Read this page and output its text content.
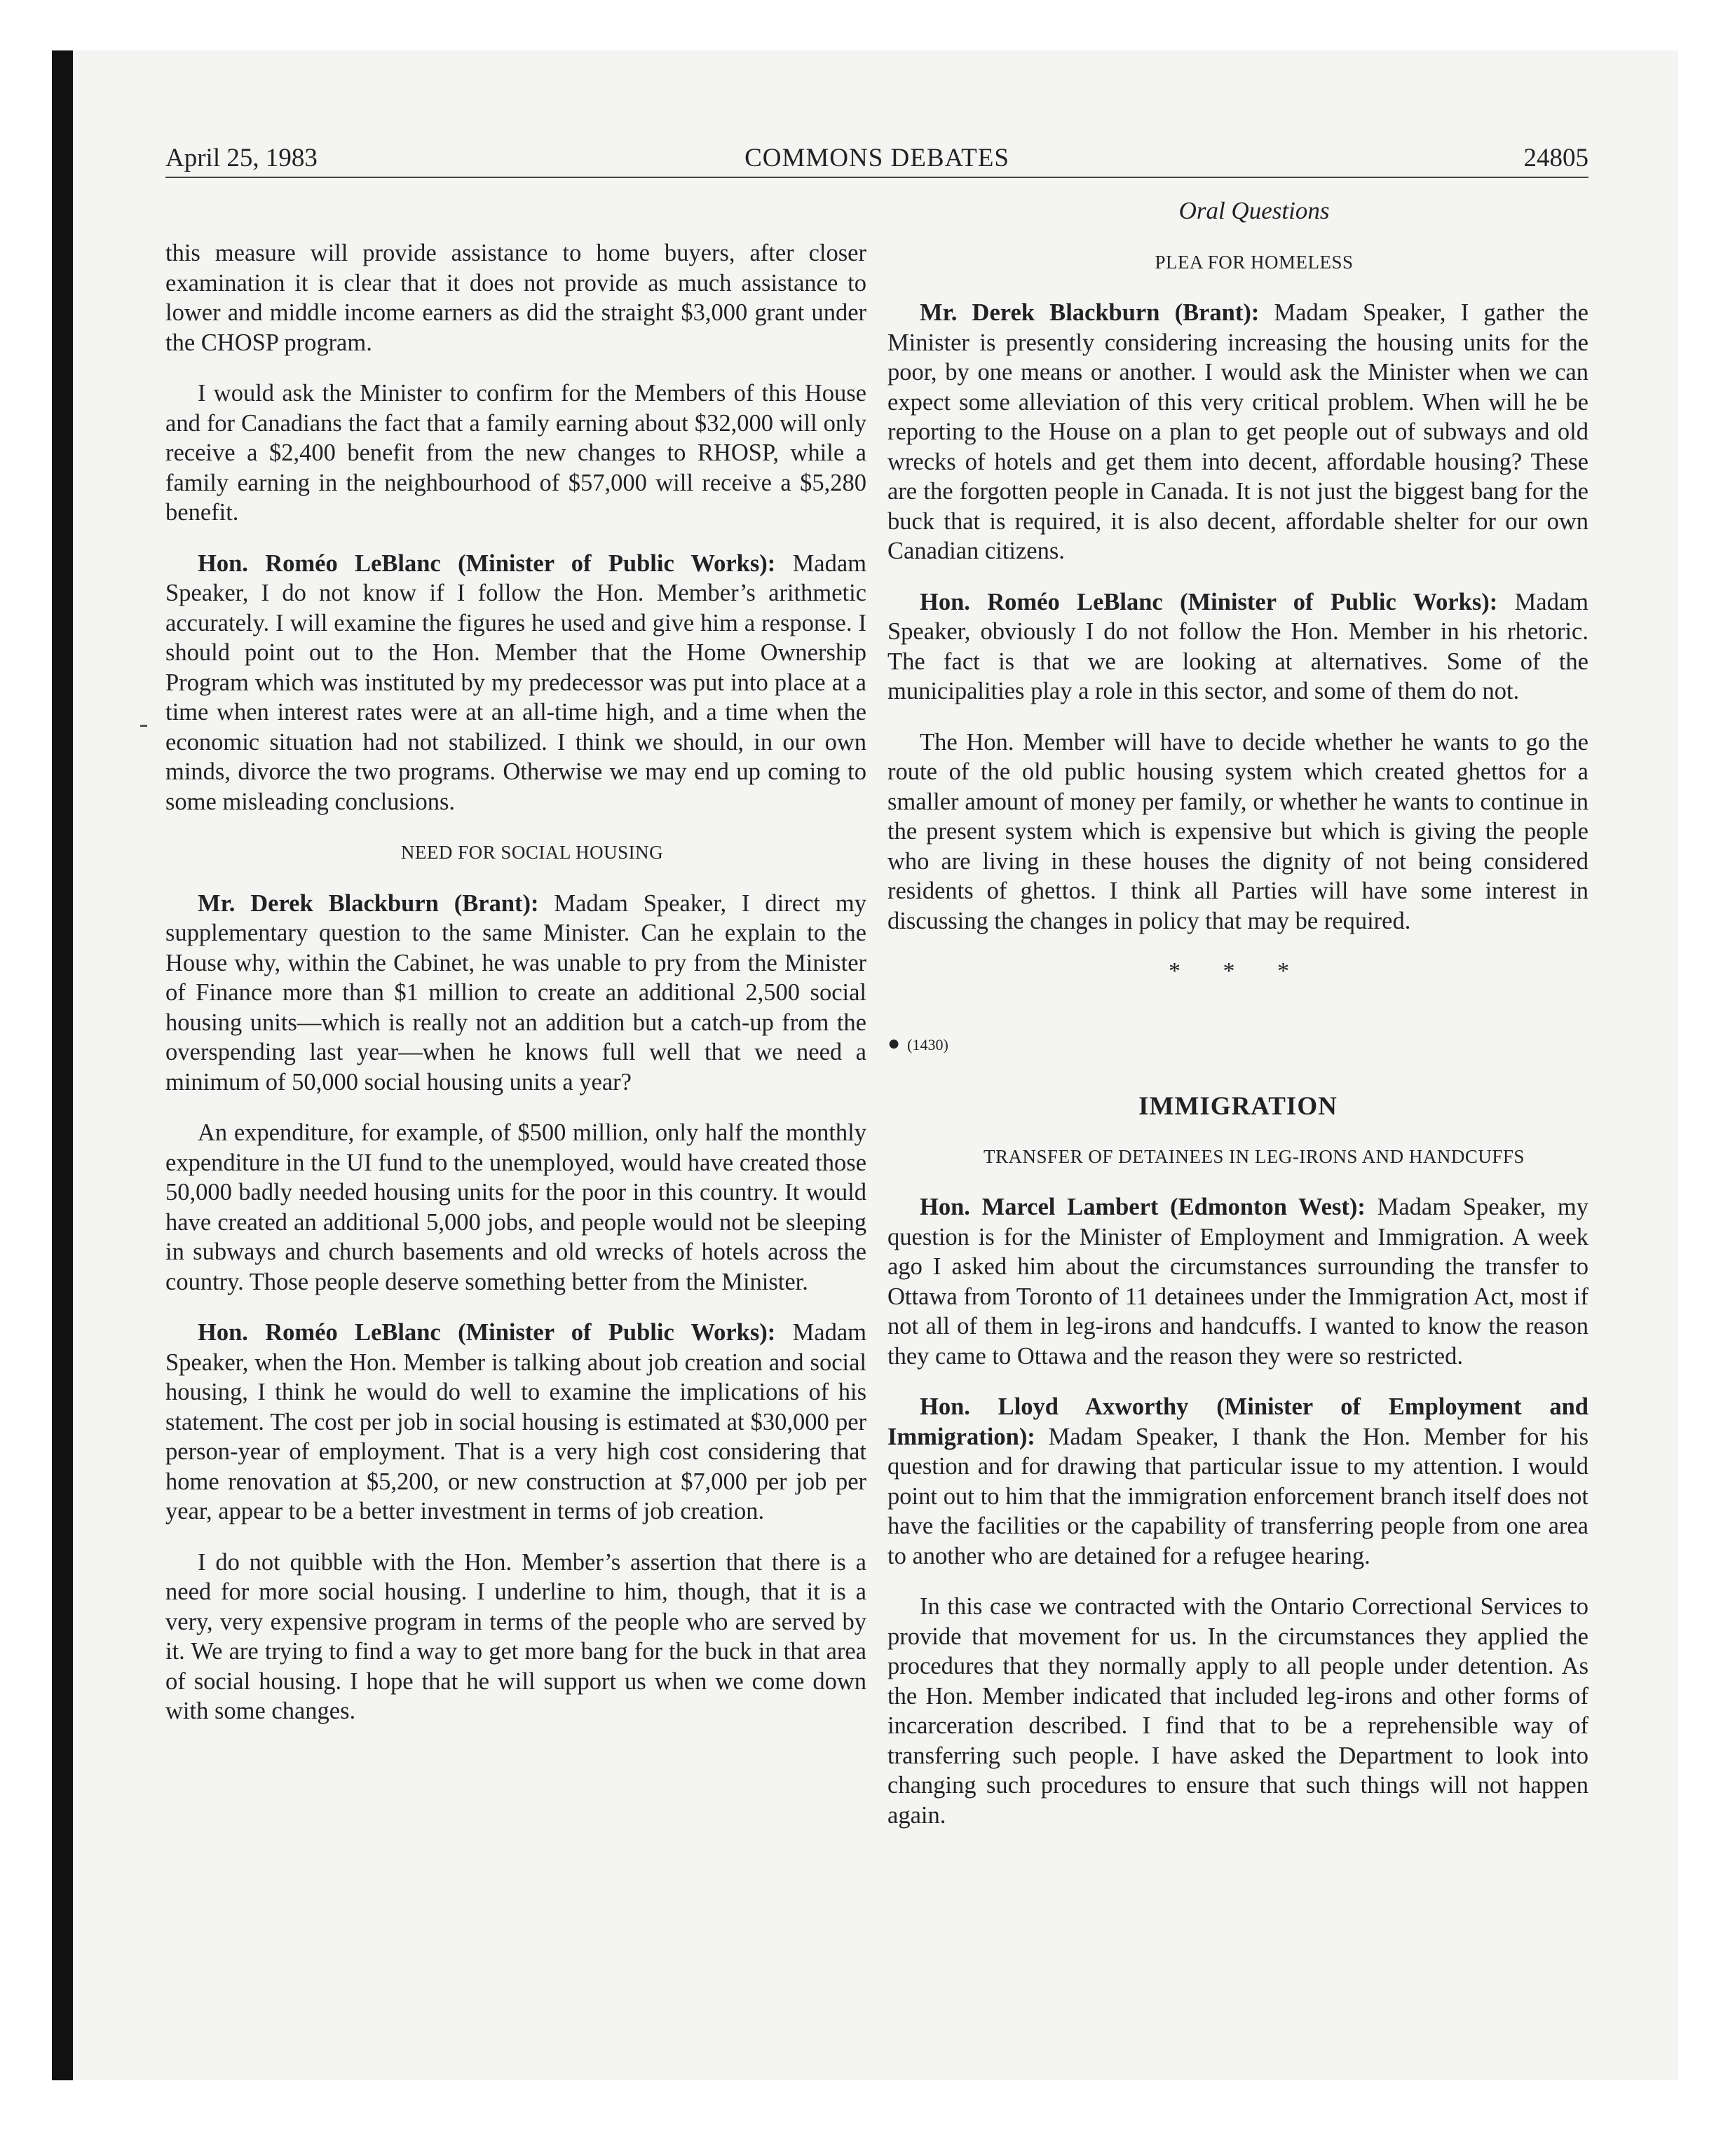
April 25, 1983	COMMONS DEBATES	24805

this measure will provide assistance to home buyers, after closer examination it is clear that it does not provide as much assistance to lower and middle income earners as did the straight $3,000 grant under the CHOSP program.

I would ask the Minister to confirm for the Members of this House and for Canadians the fact that a family earning about $32,000 will only receive a $2,400 benefit from the new changes to RHOSP, while a family earning in the neighbourhood of $57,000 will receive a $5,280 benefit.

Hon. Roméo LeBlanc (Minister of Public Works): Madam Speaker, I do not know if I follow the Hon. Member’s arithmetic accurately. I will examine the figures he used and give him a response. I should point out to the Hon. Member that the Home Ownership Program which was instituted by my predecessor was put into place at a time when interest rates were at an all-time high, and a time when the economic situation had not stabilized. I think we should, in our own minds, divorce the two programs. Otherwise we may end up coming to some misleading conclusions.

NEED FOR SOCIAL HOUSING

Mr. Derek Blackburn (Brant): Madam Speaker, I direct my supplementary question to the same Minister. Can he explain to the House why, within the Cabinet, he was unable to pry from the Minister of Finance more than $1 million to create an additional 2,500 social housing units—which is really not an addition but a catch-up from the overspending last year—when he knows full well that we need a minimum of 50,000 social housing units a year?

An expenditure, for example, of $500 million, only half the monthly expenditure in the UI fund to the unemployed, would have created those 50,000 badly needed housing units for the poor in this country. It would have created an additional 5,000 jobs, and people would not be sleeping in subways and church basements and old wrecks of hotels across the country. Those people deserve something better from the Minister.

Hon. Roméo LeBlanc (Minister of Public Works): Madam Speaker, when the Hon. Member is talking about job creation and social housing, I think he would do well to examine the implications of his statement. The cost per job in social housing is estimated at $30,000 per person-year of employment. That is a very high cost considering that home renovation at $5,200, or new construction at $7,000 per job per year, appear to be a better investment in terms of job creation.

I do not quibble with the Hon. Member’s assertion that there is a need for more social housing. I underline to him, though, that it is a very, very expensive program in terms of the people who are served by it. We are trying to find a way to get more bang for the buck in that area of social housing. I hope that he will support us when we come down with some changes.

Oral Questions

PLEA FOR HOMELESS

Mr. Derek Blackburn (Brant): Madam Speaker, I gather the Minister is presently considering increasing the housing units for the poor, by one means or another. I would ask the Minister when we can expect some alleviation of this very critical problem. When will he be reporting to the House on a plan to get people out of subways and old wrecks of hotels and get them into decent, affordable housing? These are the forgotten people in Canada. It is not just the biggest bang for the buck that is required, it is also decent, affordable shelter for our own Canadian citizens.

Hon. Roméo LeBlanc (Minister of Public Works): Madam Speaker, obviously I do not follow the Hon. Member in his rhetoric. The fact is that we are looking at alternatives. Some of the municipalities play a role in this sector, and some of them do not.

The Hon. Member will have to decide whether he wants to go the route of the old public housing system which created ghettos for a smaller amount of money per family, or whether he wants to continue in the present system which is expensive but which is giving the people who are living in these houses the dignity of not being considered residents of ghettos. I think all Parties will have some interest in discussing the changes in policy that may be required.

* * *
● (1430)
IMMIGRATION

TRANSFER OF DETAINEES IN LEG-IRONS AND HANDCUFFS

Hon. Marcel Lambert (Edmonton West): Madam Speaker, my question is for the Minister of Employment and Immigration. A week ago I asked him about the circumstances surrounding the transfer to Ottawa from Toronto of 11 detainees under the Immigration Act, most if not all of them in leg-irons and handcuffs. I wanted to know the reason they came to Ottawa and the reason they were so restricted.

Hon. Lloyd Axworthy (Minister of Employment and Immigration): Madam Speaker, I thank the Hon. Member for his question and for drawing that particular issue to my attention. I would point out to him that the immigration enforcement branch itself does not have the facilities or the capability of transferring people from one area to another who are detained for a refugee hearing.

In this case we contracted with the Ontario Correctional Services to provide that movement for us. In the circumstances they applied the procedures that they normally apply to all people under detention. As the Hon. Member indicated that included leg-irons and other forms of incarceration described. I find that to be a reprehensible way of transferring such people. I have asked the Department to look into changing such procedures to ensure that such things will not happen again.
